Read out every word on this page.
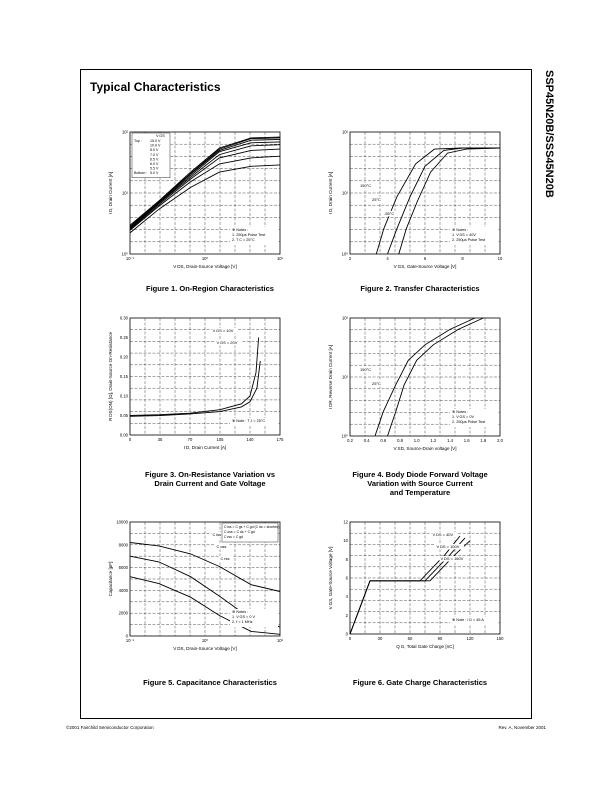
Typical Characteristics	SSP45N20B/SSS45N20B
10⁻¹	10⁰	10¹
10²
10¹
10⁰
V DS, Drain-Source Voltage [V]
I D, Drain Current [A]
※ Notes :
1. 250μs Pulse Test
2. T C = 25°C
V GS
Top : 15.0 V
10.0 V
8.0 V
7.0 V
6.5 V
6.0 V
5.5 V
Bottom : 5.0 V
2	4	6	8	10
10²
10¹
10⁰
V GS, Gate-Source Voltage [V]
I D, Drain Current [A]
※ Notes :
1. V DS = 40V
2. 250μs Pulse Test
150°C
25°C
-55°C
0	35	70	105	140	175
0.30
0.25
0.20
0.15
0.10
0.05
0.00
I D, Drain Current [A]
R DS(ON) [Ω], Drain-Source On-Resistance	※ Note : T J = 25°C
V GS = 10V
V GS = 20V
0.2	0.4	0.6	0.8	1.0	1.2	1.4	1.6	1.8	2.0
10²
10¹
10⁰
V SD, Source-Drain voltage [V]
I DR, Reverse Drain Current [A]
※ Notes :
1. V GS = 0V
2. 250μs Pulse Test
150°C
25°C
10⁻¹	10⁰	10¹
10000
8000
6000
4000
2000
0
V DS, Drain-Source Voltage [V]
Capacitance [pF]
※ Notes :
1. V GS = 0 V
2. f = 1 MHz
C iss
C oss
C rss
C iss = C gs + C gd (C ds = shorted)
C oss = C ds + C gd
C rss = C gd
0	30	60	90	120	150
12
10
8
6
4
2
0
Q G, Total Gate Charge [nC]
V GS, Gate-Source Voltage [V]
※ Note : I D = 45 A
V DS = 40V
V DS = 100V
V DS = 160V
Figure 1. On-Region Characteristics	Figure 2. Transfer Characteristics
Figure 3. On-Resistance Variation vs
Drain Current and Gate Voltage
Figure 4. Body Diode Forward Voltage
Variation with Source Current
and Temperature
Figure 5. Capacitance Characteristics	Figure 6. Gate Charge Characteristics
©2001 Fairchild Semiconductor Corporation	Rev. A, November 2001
